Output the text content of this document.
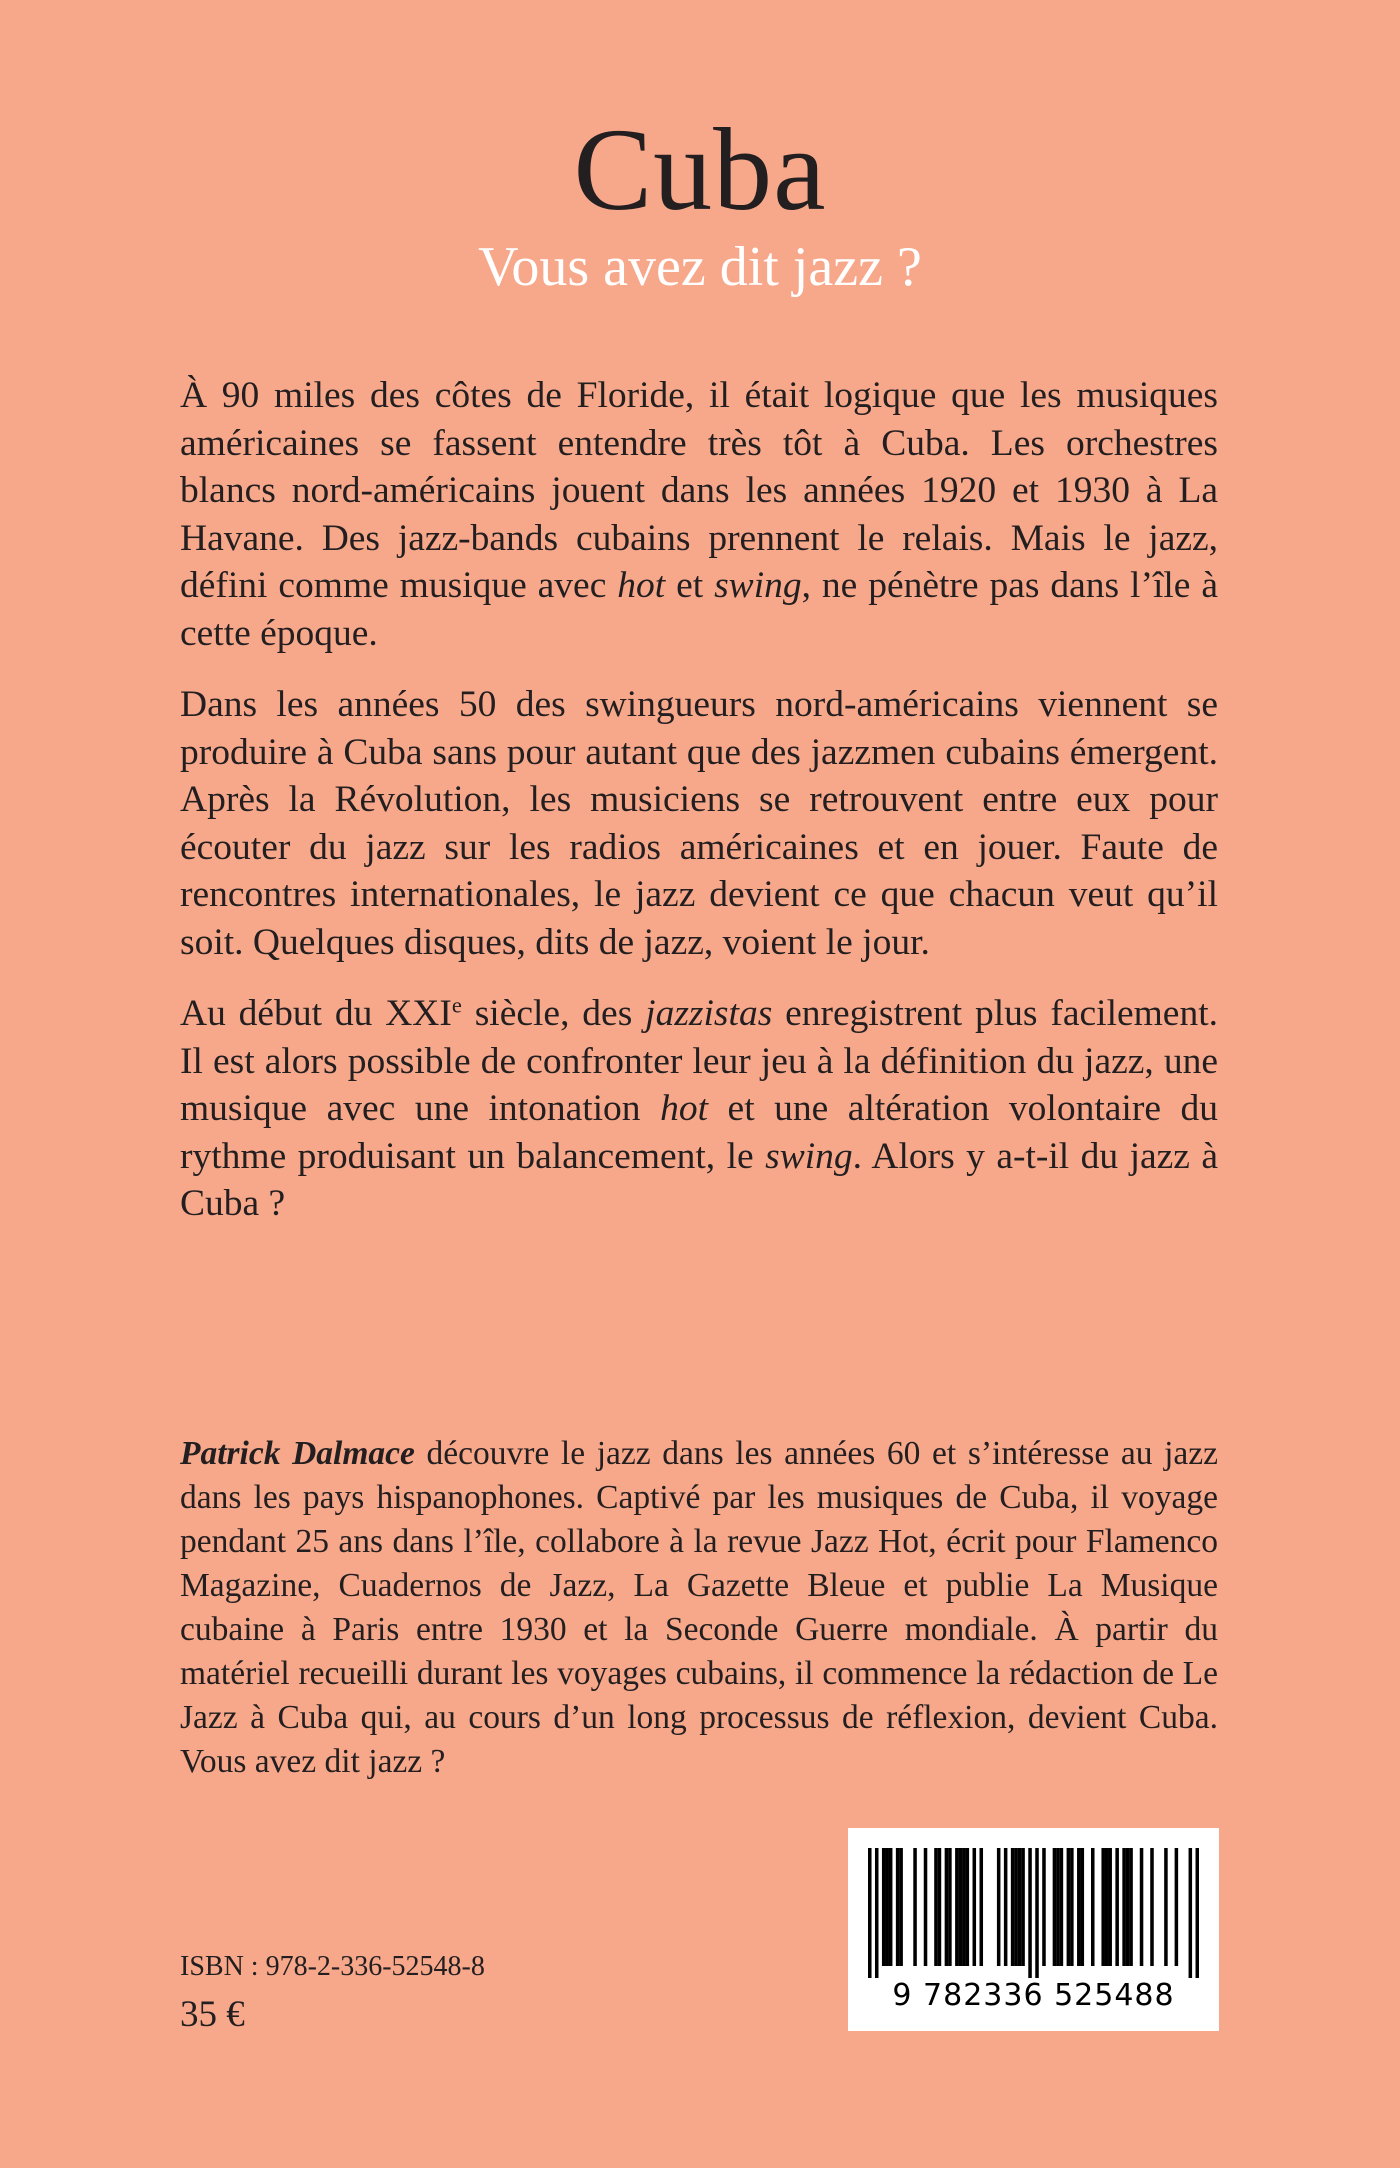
Cuba
Vous avez dit jazz ?

À 90 miles des côtes de Floride, il était logique que les musiques américaines se fassent entendre très tôt à Cuba. Les orchestres blancs nord-américains jouent dans les années 1920 et 1930 à La Havane. Des jazz-bands cubains prennent le relais. Mais le jazz, défini comme musique avec hot et swing, ne pénètre pas dans l’île à cette époque.

Dans les années 50 des swingueurs nord-américains viennent se produire à Cuba sans pour autant que des jazzmen cubains émergent. Après la Révolution, les musiciens se retrouvent entre eux pour écouter du jazz sur les radios américaines et en jouer. Faute de rencontres internationales, le jazz devient ce que chacun veut qu’il soit. Quelques disques, dits de jazz, voient le jour.

Au début du XXIe siècle, des jazzistas enregistrent plus facilement. Il est alors possible de confronter leur jeu à la définition du jazz, une musique avec une intonation hot et une altération volontaire du rythme produisant un balancement, le swing. Alors y a-t-il du jazz à Cuba ?

Patrick Dalmace découvre le jazz dans les années 60 et s’intéresse au jazz dans les pays hispanophones. Captivé par les musiques de Cuba, il voyage pendant 25 ans dans l’île, collabore à la revue Jazz Hot, écrit pour Flamenco Magazine, Cuadernos de Jazz, La Gazette Bleue et publie La Musique cubaine à Paris entre 1930 et la Seconde Guerre mondiale. À partir du matériel recueilli durant les voyages cubains, il commence la rédaction de Le Jazz à Cuba qui, au cours d’un long processus de réflexion, devient Cuba. Vous avez dit jazz ?
ISBN : 978-2-336-52548-8
35 €	9 782336 525488
